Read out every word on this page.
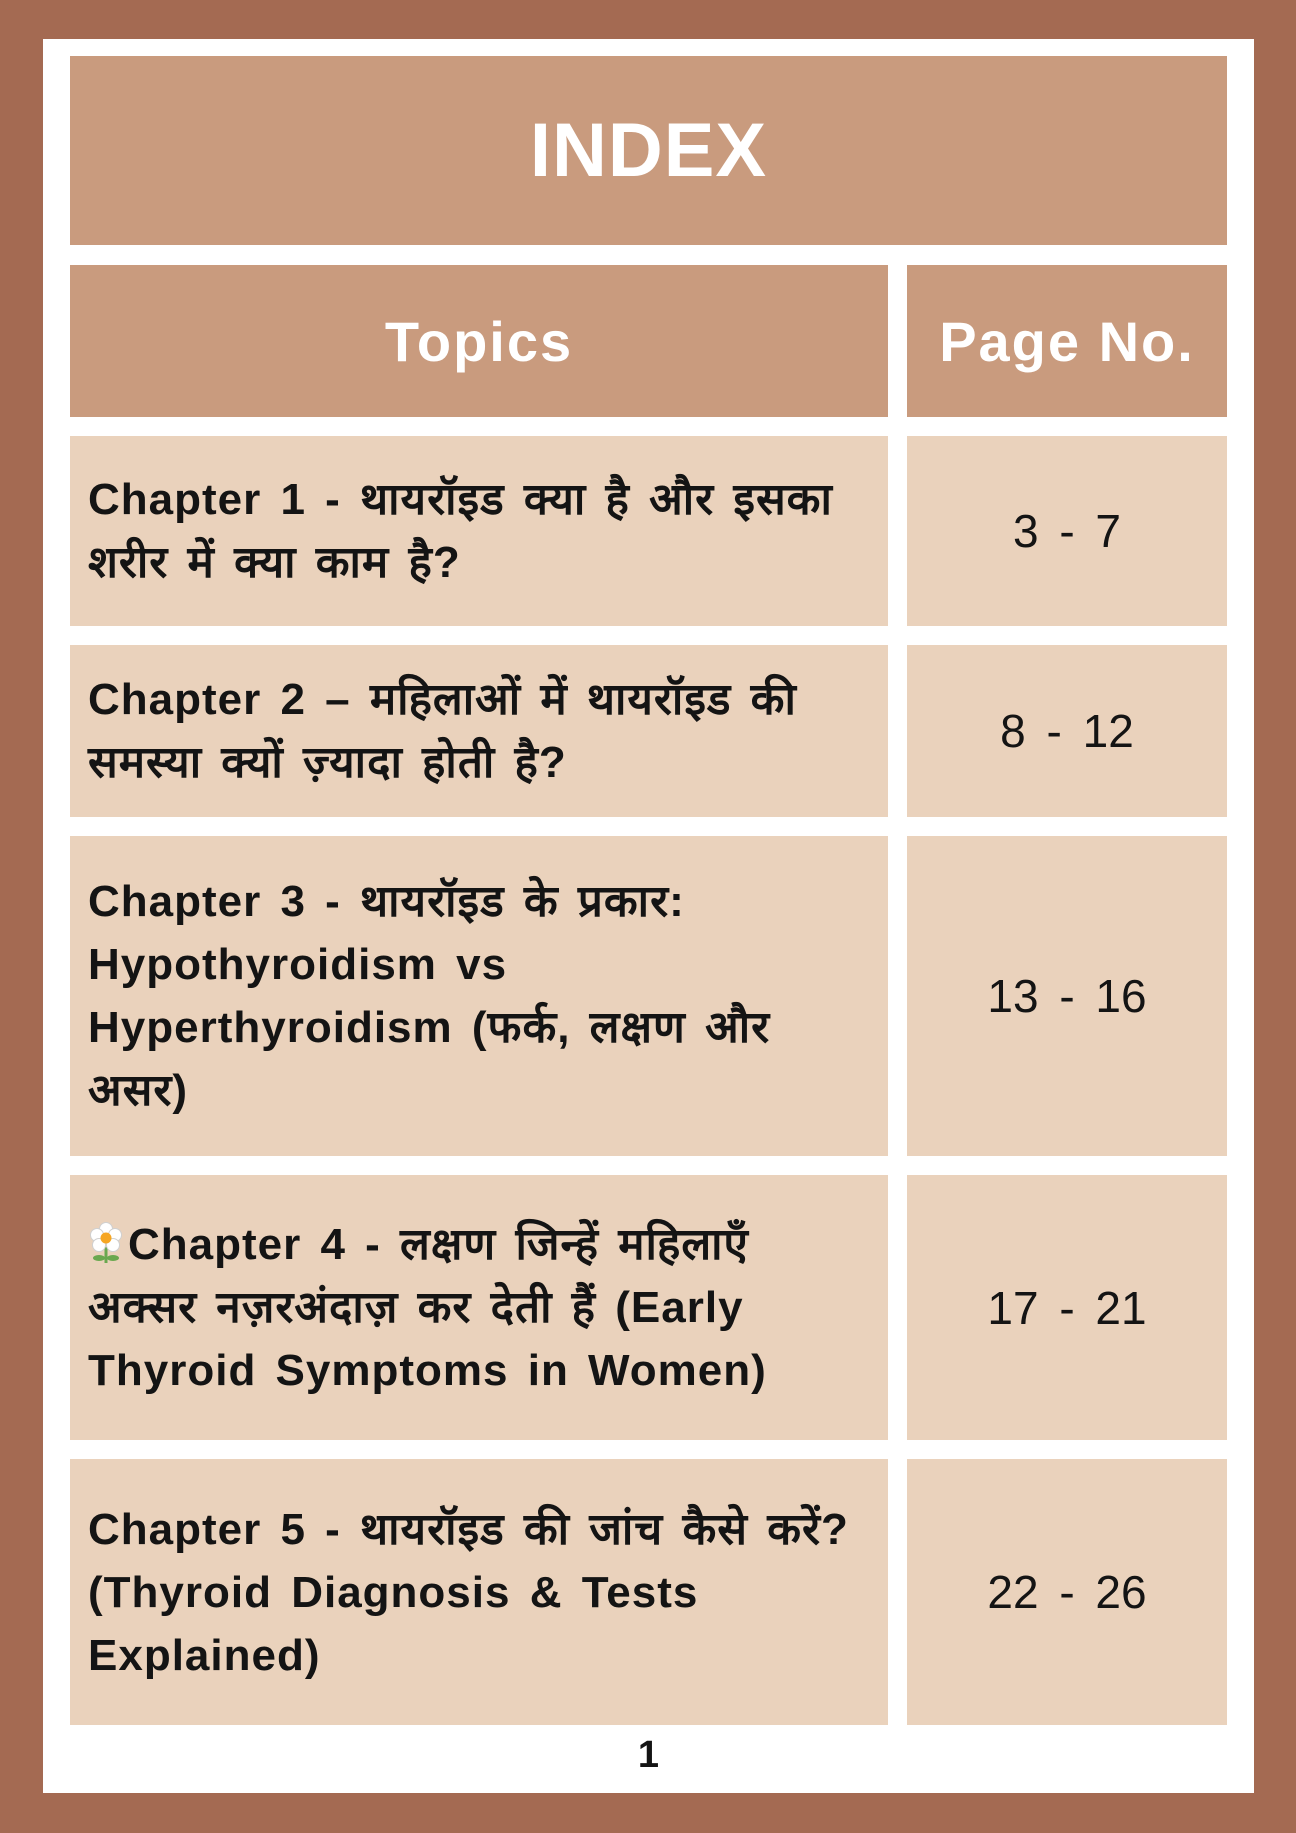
INDEX
Topics	Page No.
Chapter 1 - थायरॉइड क्या है और इसका शरीर में क्या काम है?
3 - 7
Chapter 2 – महिलाओं में थायरॉइड की समस्या क्यों ज़्यादा होती है?
8 - 12
Chapter 3 - थायरॉइड के प्रकार: Hypothyroidism vs Hyperthyroidism (फर्क, लक्षण और असर)
13 - 16
Chapter 4 - लक्षण जिन्हें महिलाएँ अक्सर नज़रअंदाज़ कर देती हैं (Early Thyroid Symptoms in Women)
17 - 21
Chapter 5 - थायरॉइड की जांच कैसे करें? (Thyroid Diagnosis & Tests Explained)
22 - 26
1
